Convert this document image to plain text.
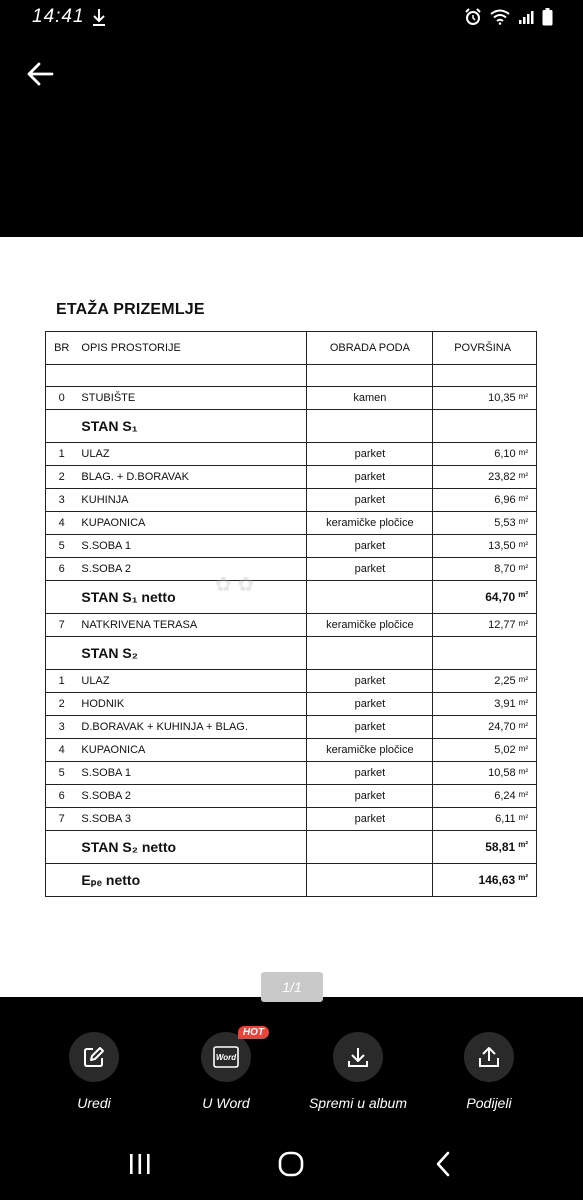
14:41
ETAŽA PRIZEMLJE
BR	OPIS PROSTORIJE	OBRADA PODA	POVRŠINA

0	STUBIŠTE	kamen	10,35 $^{m^2}$
	STAN S₁		
1	ULAZ	parket	6,10 $^{m^2}$
2	BLAG. + D.BORAVAK	parket	23,82 $^{m^2}$
3	KUHINJA	parket	6,96 $^{m^2}$
4	KUPAONICA	keramičke pločice	5,53 $^{m^2}$
5	S.SOBA 1	parket	13,50 $^{m^2}$
6	S.SOBA 2	parket	8,70 $^{m^2}$
	STAN S₁ netto		64,70 $^{m^2}$
7	NATKRIVENA TERASA	keramičke pločice	12,77 $^{m^2}$
	STAN S₂		
1	ULAZ	parket	2,25 $^{m^2}$
2	HODNIK	parket	3,91 $^{m^2}$
3	D.BORAVAK + KUHINJA + BLAG.	parket	24,70 $^{m^2}$
4	KUPAONICA	keramičke pločice	5,02 $^{m^2}$
5	S.SOBA 1	parket	10,58 $^{m^2}$
6	S.SOBA 2	parket	6,24 $^{m^2}$
7	S.SOBA 3	parket	6,11 $^{m^2}$
	STAN S₂ netto		58,81 $^{m^2}$
	Eₚₑ netto		146,63 $^{m^2}$
✿ ✿
1/1
Uredi
Word
HOT
U Word	Spremi u album	Podijeli
